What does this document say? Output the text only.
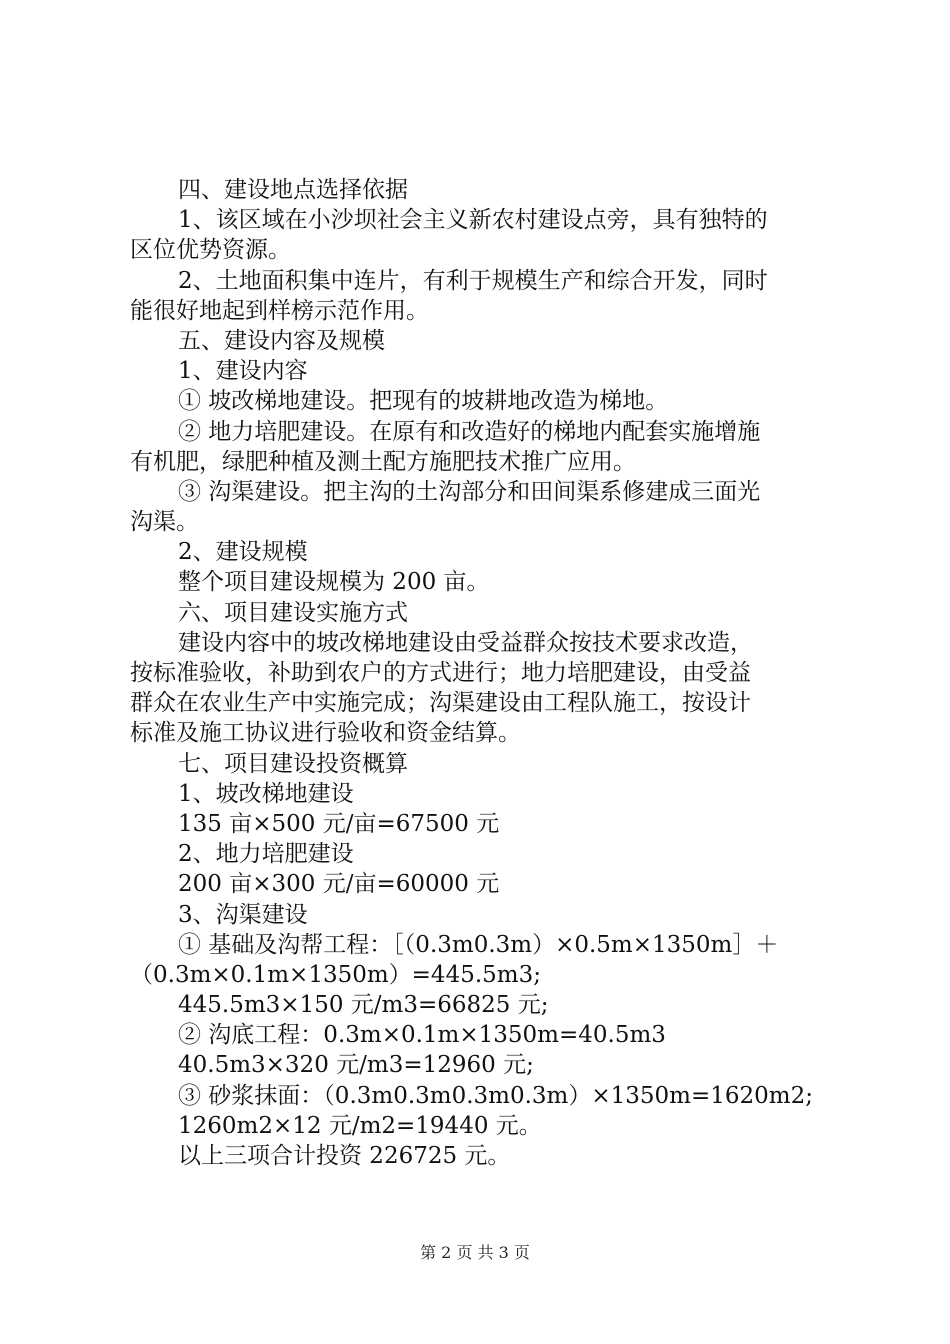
四、建设地点选择依据
1、该区域在小沙坝社会主义新农村建设点旁，具有独特的
区位优势资源。
2、土地面积集中连片，有利于规模生产和综合开发，同时
能很好地起到样榜示范作用。
五、建设内容及规模
1、建设内容
① 坡改梯地建设。把现有的坡耕地改造为梯地。
② 地力培肥建设。在原有和改造好的梯地内配套实施增施
有机肥，绿肥种植及测土配方施肥技术推广应用。
③ 沟渠建设。把主沟的土沟部分和田间渠系修建成三面光
沟渠。
2、建设规模
整个项目建设规模为 200 亩。
六、项目建设实施方式
建设内容中的坡改梯地建设由受益群众按技术要求改造，
按标准验收，补助到农户的方式进行；地力培肥建设，由受益
群众在农业生产中实施完成；沟渠建设由工程队施工，按设计
标准及施工协议进行验收和资金结算。
七、项目建设投资概算
1、坡改梯地建设
135 亩×500 元/亩=67500 元
2、地力培肥建设
200 亩×300 元/亩=60000 元
3、沟渠建设
① 基础及沟帮工程：［（0.3m0.3m）×0.5m×1350m］＋
（0.3m×0.1m×1350m）=445.5m3;
445.5m3×150 元/m3=66825 元;
② 沟底工程：0.3m×0.1m×1350m=40.5m3
40.5m3×320 元/m3=12960 元;
③ 砂浆抹面：（0.3m0.3m0.3m0.3m）×1350m=1620m2;
1260m2×12 元/m2=19440 元。
以上三项合计投资 226725 元。
第 2 页 共 3 页
